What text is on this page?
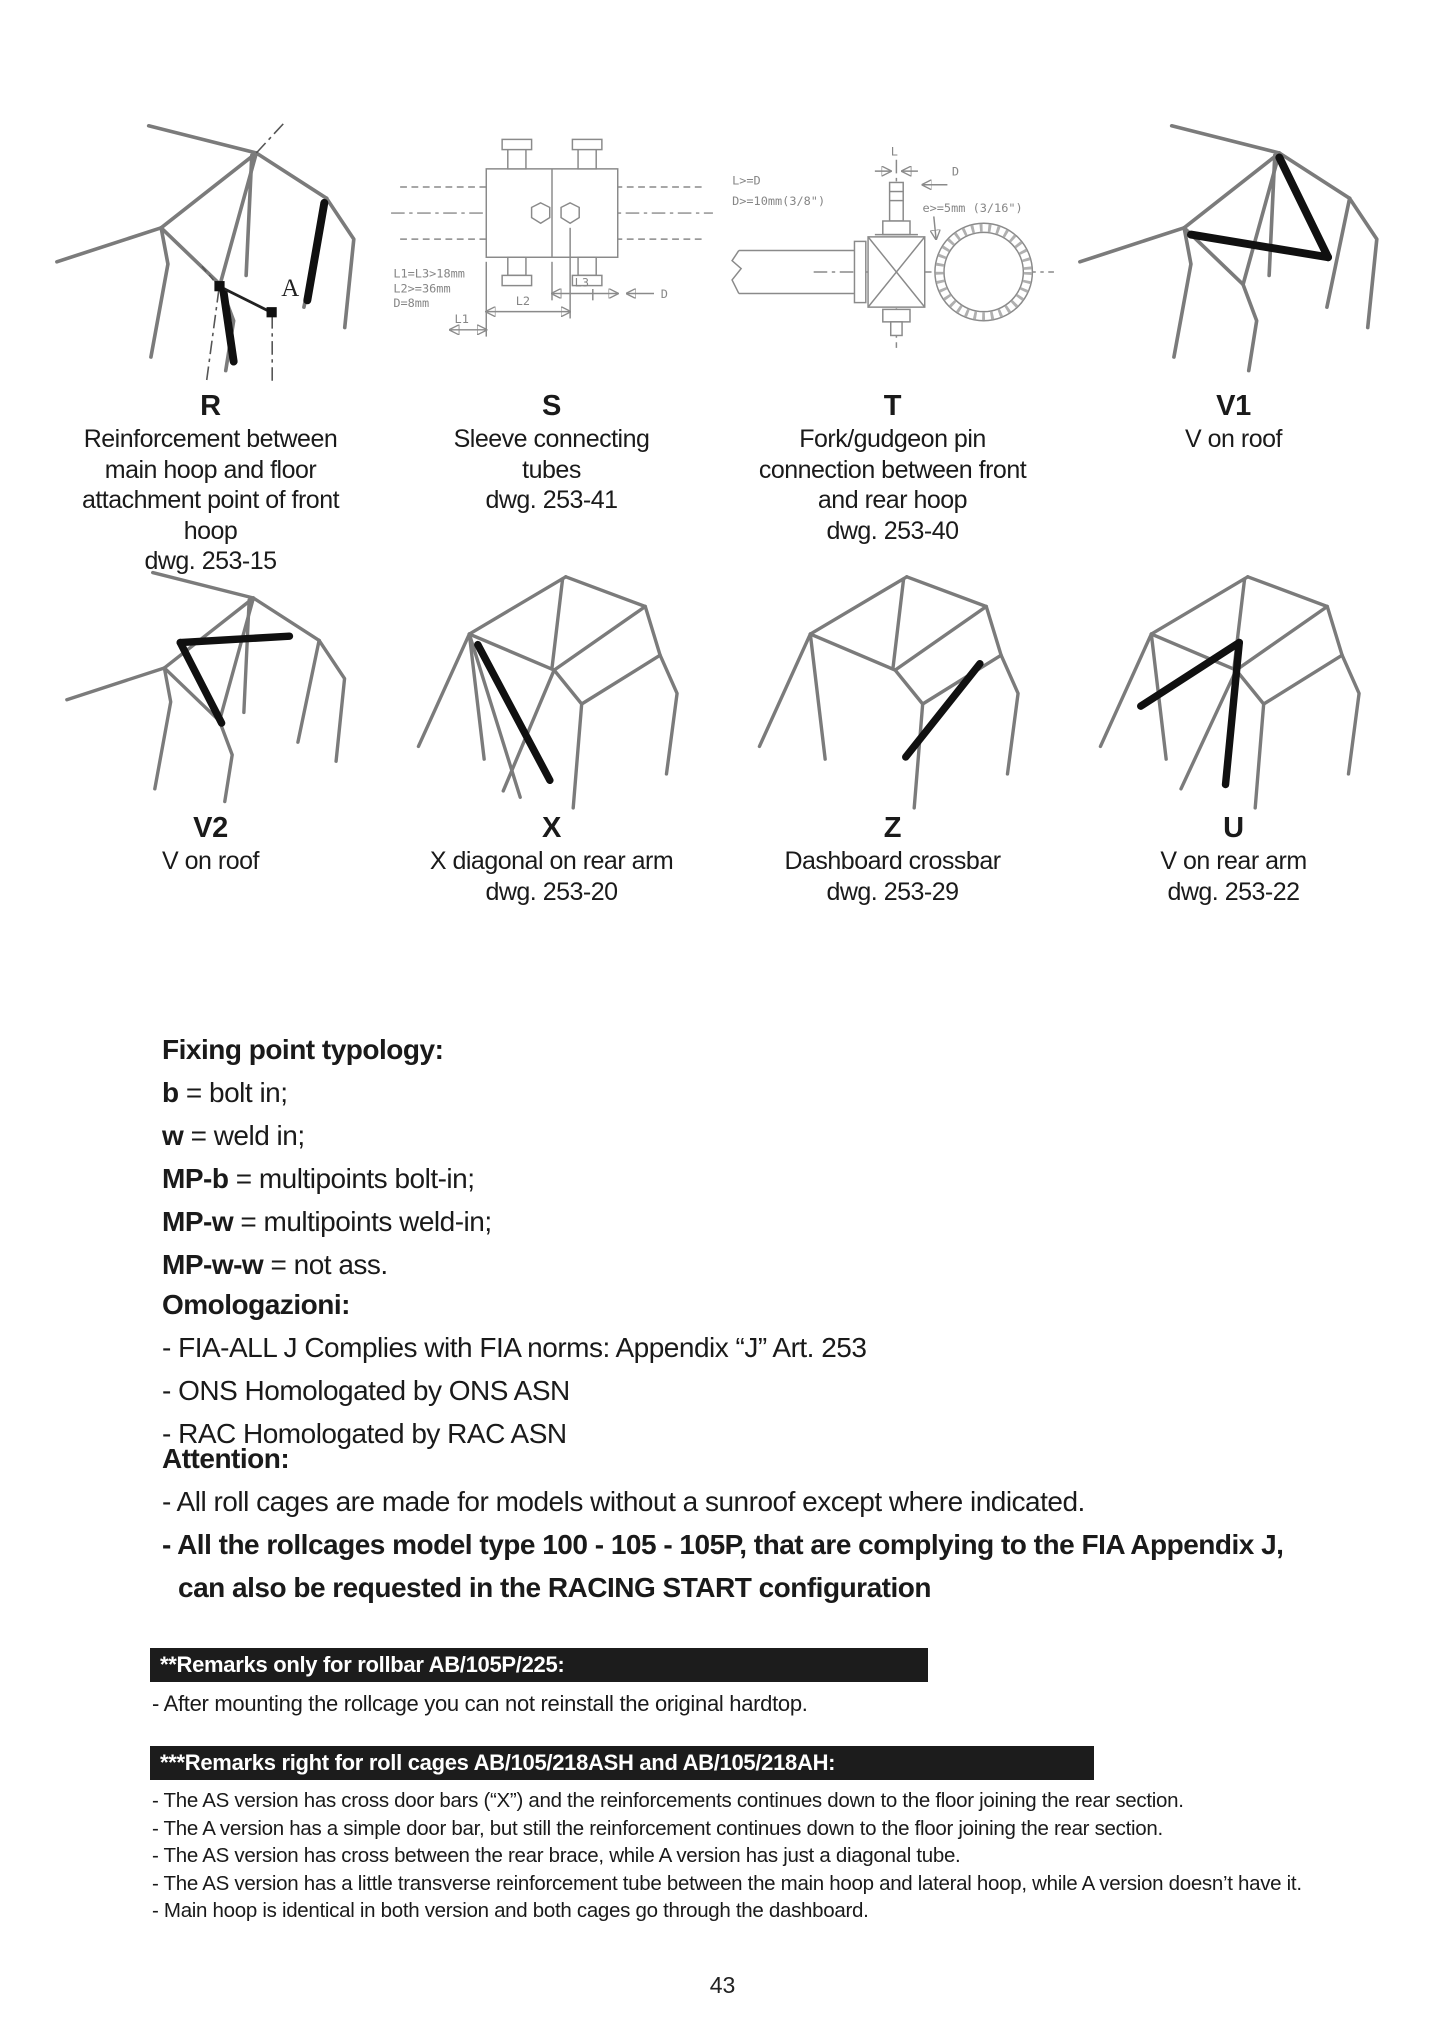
A
R
Reinforcement between main hoop and floor attachment point of front hoop
dwg. 253-15
L1
L2
L3
D
L1=L3>18mm
L2>=36mm
D=8mm
S
Sleeve connecting tubes
dwg. 253-41
L
D
L>=D
D>=10mm(3/8")	e>=5mm (3/16")
T
Fork/gudgeon pin connection between front and rear hoop
dwg. 253-40
V1
V on roof
V2
V on roof
X
X diagonal on rear arm
dwg. 253-20
Z
Dashboard crossbar
dwg. 253-29
U
V on rear arm
dwg. 253-22
Fixing point typology:
b = bolt in;
w = weld in;
MP-b = multipoints bolt-in;
MP-w = multipoints weld-in;
MP-w-w = not ass.
Omologazioni:
- FIA-ALL J Complies with FIA norms: Appendix “J” Art. 253
- ONS Homologated by ONS ASN
- RAC Homologated by RAC ASN
Attention:
- All roll cages are made for models without a sunroof except where indicated.
- All the rollcages model type 100 - 105 - 105P, that are complying to the FIA Appendix J,
can also be requested in the RACING START configuration
**Remarks only for rollbar AB/105P/225:
- After mounting the rollcage you can not reinstall the original hardtop.
***Remarks right for roll cages AB/105/218ASH and AB/105/218AH:
- The AS version has cross door bars (“X”) and the reinforcements continues down to the floor joining the rear section.
- The A version has a simple door bar, but still the reinforcement continues down to the floor joining the rear section.
- The AS version has cross between the rear brace, while A version has just a diagonal tube.
- The AS version has a little transverse reinforcement tube between the main hoop and lateral hoop, while A version doesn’t have it.
- Main hoop is identical in both version and both cages go through the dashboard.
43
